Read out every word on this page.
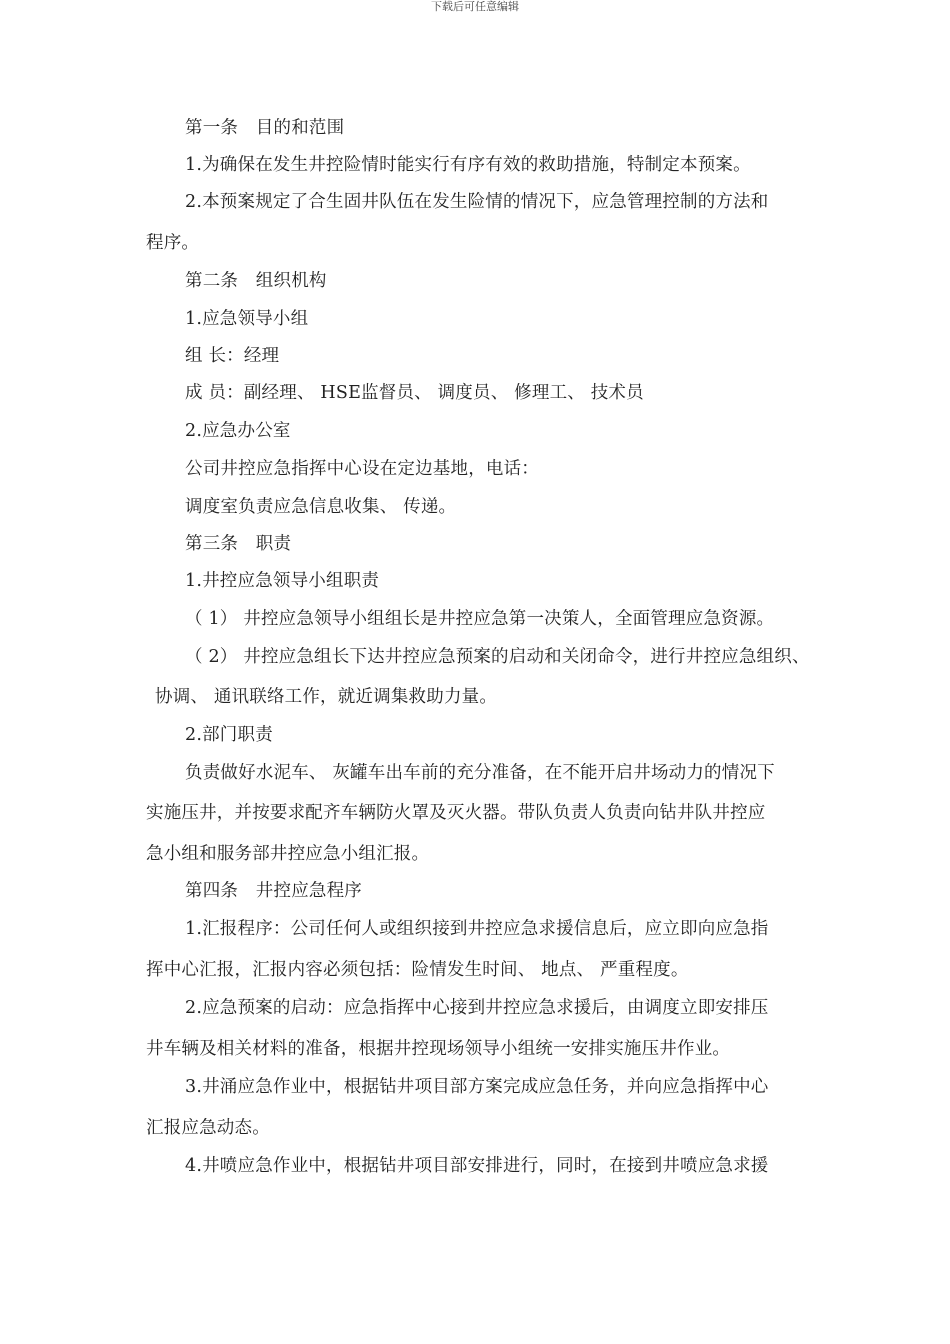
下载后可任意编辑
第一条　目的和范围
1.为确保在发生井控险情时能实行有序有效的救助措施，特制定本预案。
2.本预案规定了合生固井队伍在发生险情的情况下，应急管理控制的方法和
程序。
第二条　组织机构
1.应急领导小组
组 长：经理
成 员：副经理、 HSE监督员、 调度员、 修理工、 技术员
2.应急办公室
公司井控应急指挥中心设在定边基地，电话：
调度室负责应急信息收集、 传递。
第三条　职责
1.井控应急领导小组职责
（ 1） 井控应急领导小组组长是井控应急第一决策人，全面管理应急资源。
（ 2） 井控应急组长下达井控应急预案的启动和关闭命令，进行井控应急组织、
协调、 通讯联络工作，就近调集救助力量。
2.部门职责
负责做好水泥车、 灰罐车出车前的充分准备，在不能开启井场动力的情况下
实施压井，并按要求配齐车辆防火罩及灭火器。带队负责人负责向钻井队井控应
急小组和服务部井控应急小组汇报。
第四条　井控应急程序
1.汇报程序：公司任何人或组织接到井控应急求援信息后，应立即向应急指
挥中心汇报，汇报内容必须包括：险情发生时间、 地点、 严重程度。
2.应急预案的启动：应急指挥中心接到井控应急求援后，由调度立即安排压
井车辆及相关材料的准备，根据井控现场领导小组统一安排实施压井作业。
3.井涌应急作业中，根据钻井项目部方案完成应急任务，并向应急指挥中心
汇报应急动态。
4.井喷应急作业中，根据钻井项目部安排进行，同时，在接到井喷应急求援
